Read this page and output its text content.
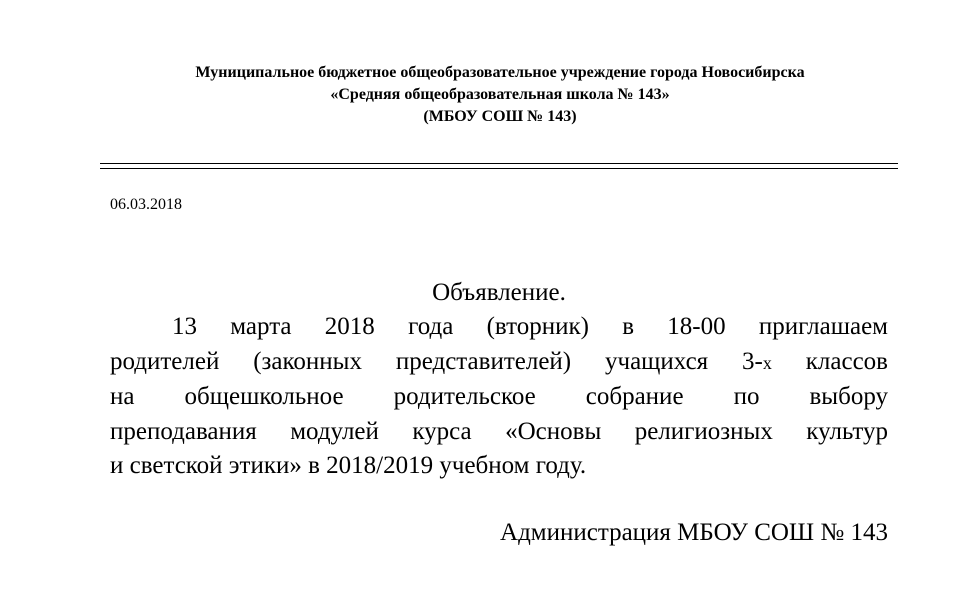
Муниципальное бюджетное общеобразовательное учреждение города Новосибирска
«Средняя общеобразовательная школа № 143»
(МБОУ СОШ № 143)
06.03.2018
Объявление.
13 марта 2018 года (вторник) в 18-00 приглашаем
родителей (законных представителей) учащихся 3-х классов
на общешкольное родительское собрание по выбору
преподавания модулей курса «Основы религиозных культур
и светской этики» в 2018/2019 учебном году.
Администрация МБОУ СОШ № 143
